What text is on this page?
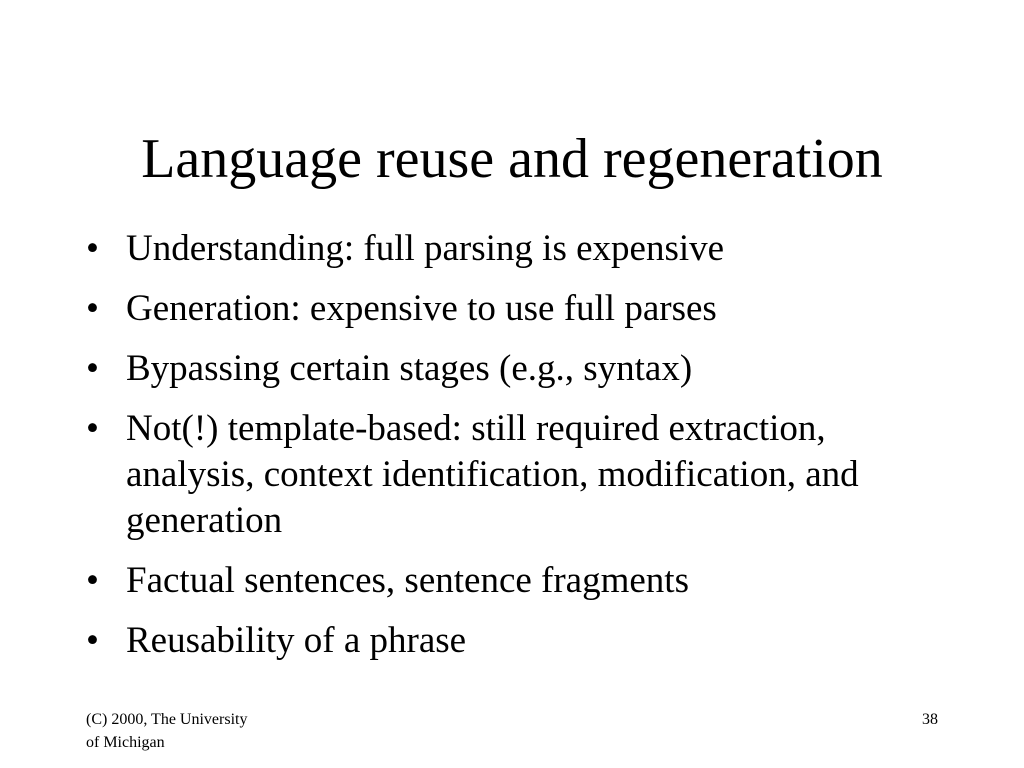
Language reuse and regeneration
• Understanding: full parsing is expensive
• Generation: expensive to use full parses
• Bypassing certain stages (e.g., syntax)
• Not(!) template-based: still required extraction, analysis, context identification, modification, and generation
• Factual sentences, sentence fragments
• Reusability of a phrase
(C) 2000, The University
of Michigan
38
